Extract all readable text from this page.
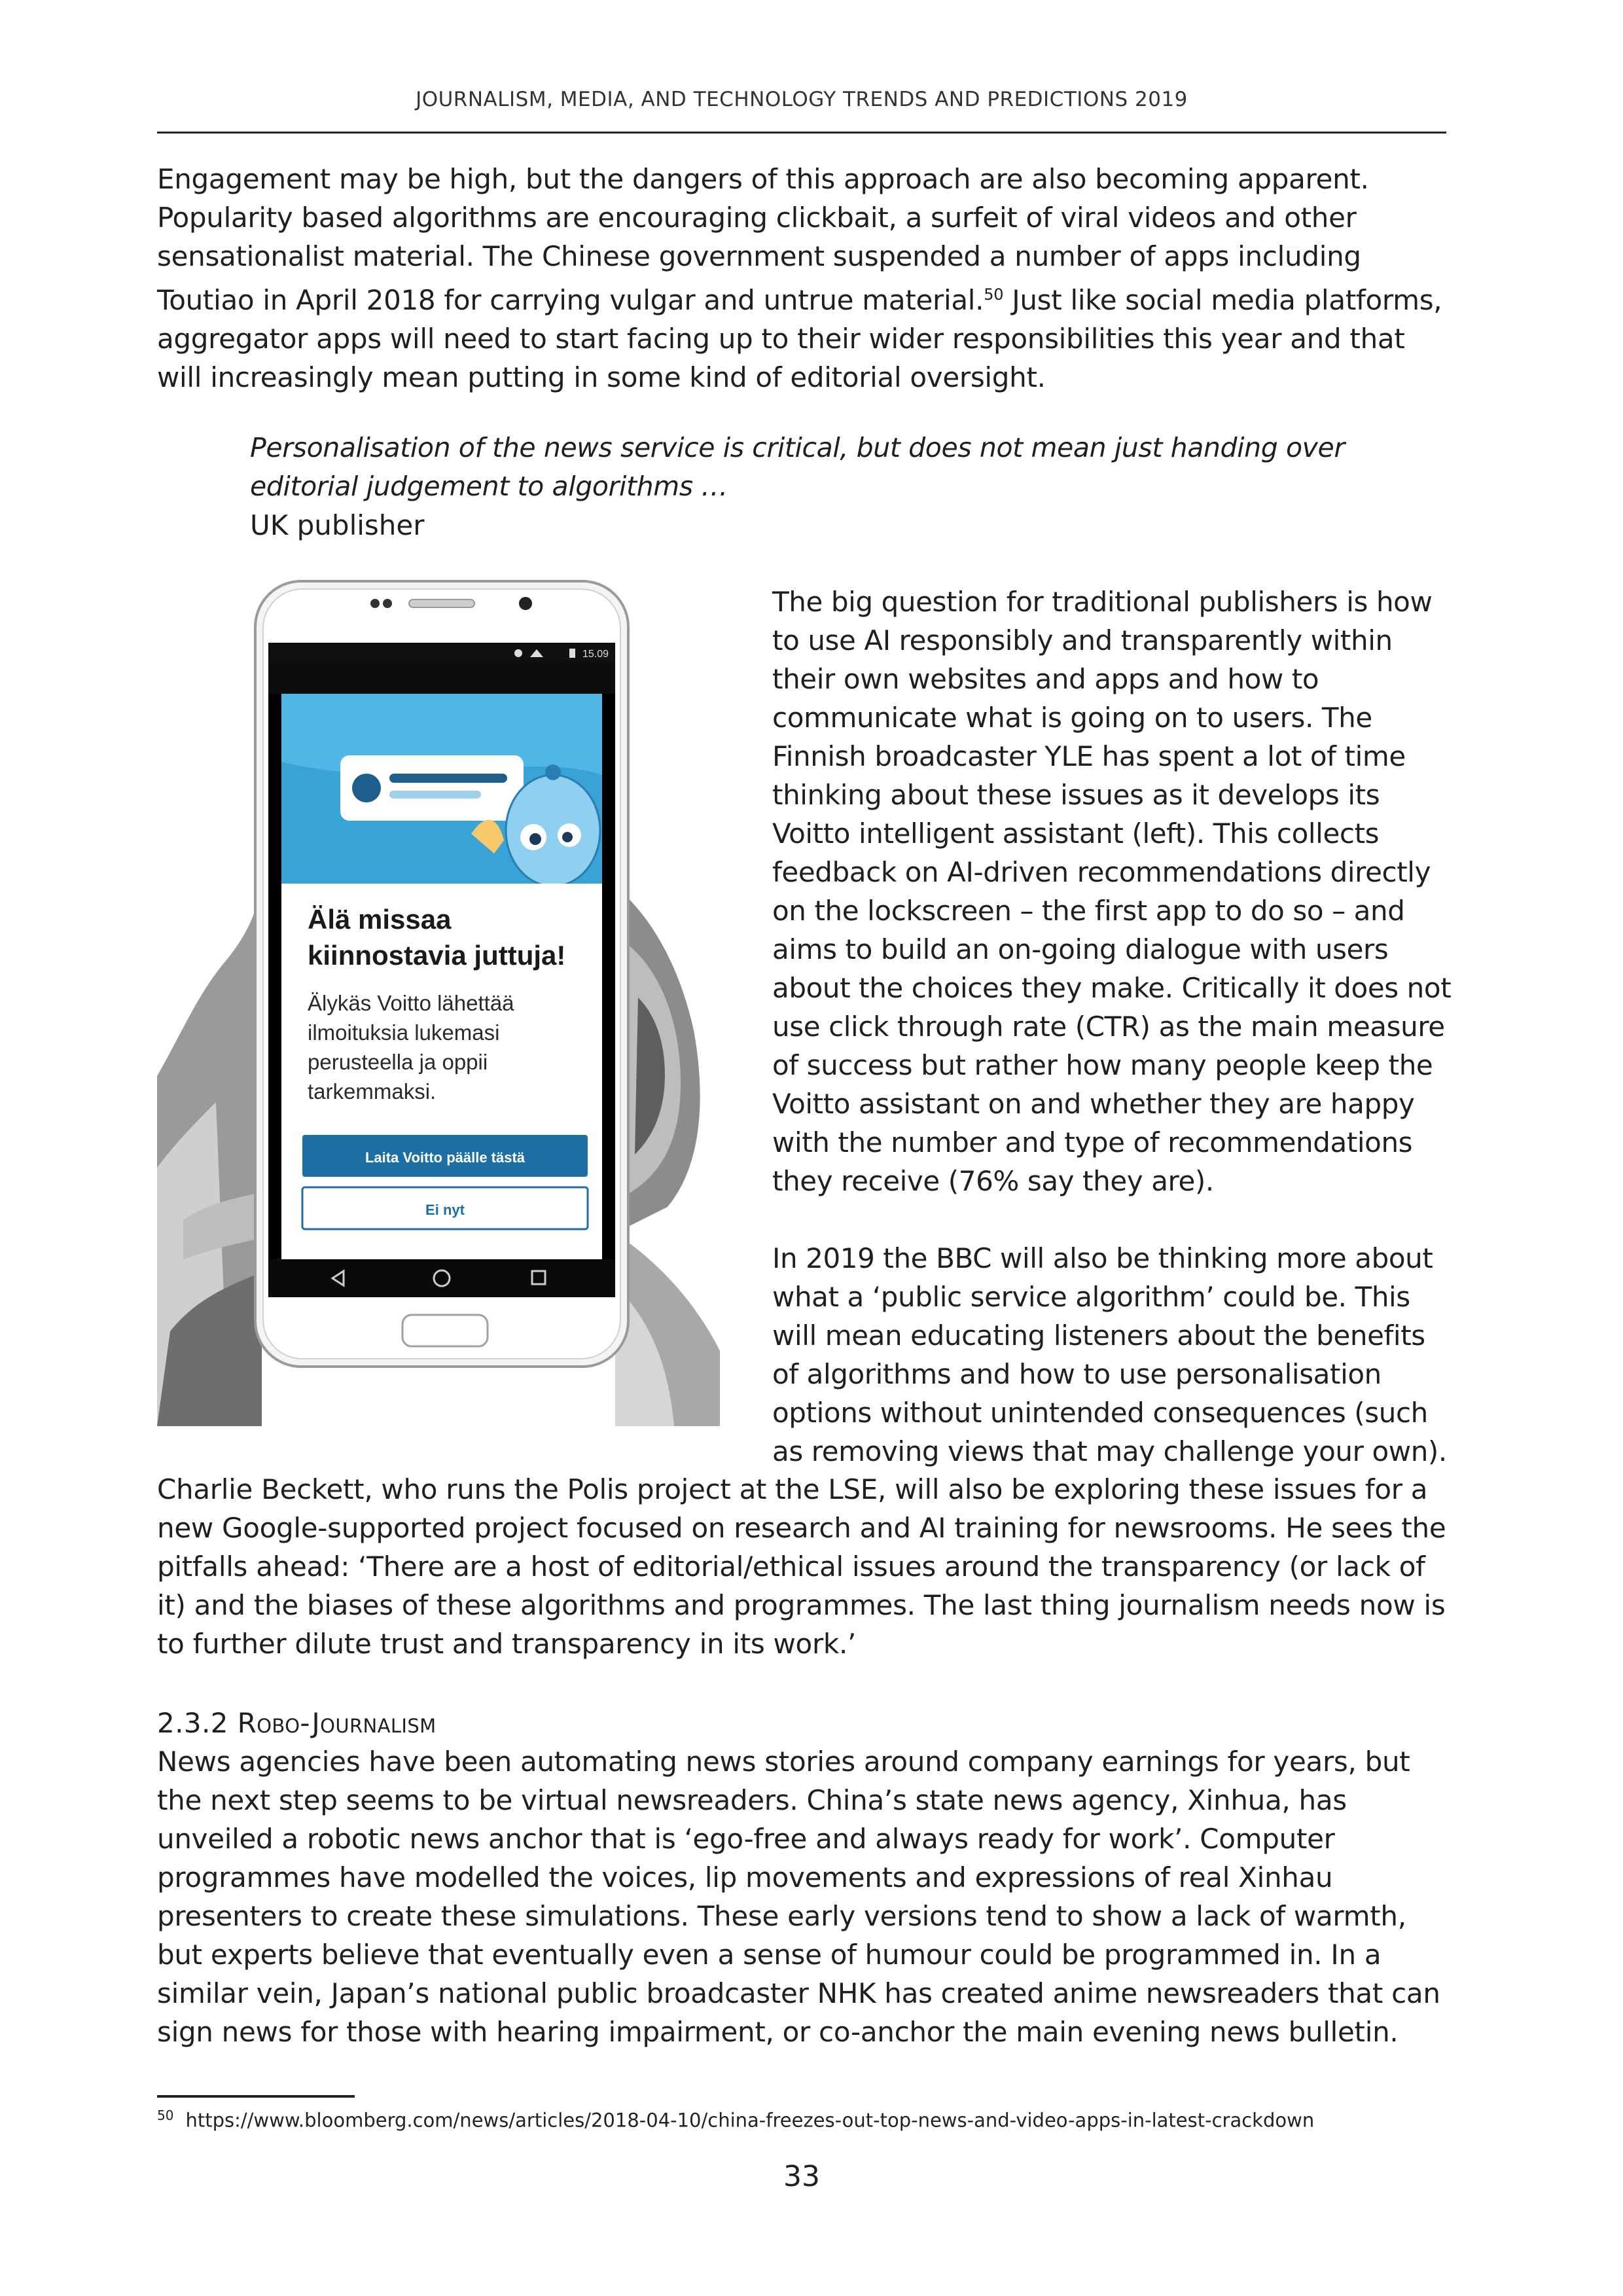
JOURNALISM, MEDIA, AND TECHNOLOGY TRENDS AND PREDICTIONS 2019

Engagement may be high, but the dangers of this approach are also becoming apparent. Popularity based algorithms are encouraging clickbait, a surfeit of viral videos and other sensationalist material. The Chinese government suspended a number of apps including Toutiao in April 2018 for carrying vulgar and untrue material.$^{50}$ Just like social media platforms, aggregator apps will need to start facing up to their wider responsibilities this year and that will increasingly mean putting in some kind of editorial oversight.

Personalisation of the news service is critical, but does not mean just handing over editorial judgement to algorithms …

UK publisher

15.09
Älä missaa
kiinnostavia juttuja!
Älykäs Voitto lähettää
ilmoituksia lukemasi
perusteella ja oppii
tarkemmaksi.
Laita Voitto päälle tästä
Ei nyt

The big question for traditional publishers is how to use AI responsibly and transparently within their own websites and apps and how to communicate what is going on to users. The Finnish broadcaster YLE has spent a lot of time thinking about these issues as it develops its Voitto intelligent assistant (left). This collects feedback on AI-driven recommendations directly on the lockscreen – the first app to do so – and aims to build an on-going dialogue with users about the choices they make. Critically it does not use click through rate (CTR) as the main measure of success but rather how many people keep the Voitto assistant on and whether they are happy with the number and type of recommendations they receive (76% say they are).

In 2019 the BBC will also be thinking more about what a ‘public service algorithm’ could be. This will mean educating listeners about the benefits of algorithms and how to use personalisation options without unintended consequences (such as removing views that may challenge your own).

Charlie Beckett, who runs the Polis project at the LSE, will also be exploring these issues for a new Google-supported project focused on research and AI training for newsrooms. He sees the pitfalls ahead: ‘There are a host of editorial/ethical issues around the transparency (or lack of it) and the biases of these algorithms and programmes. The last thing journalism needs now is to further dilute trust and transparency in its work.’

2.3.2 Robo-Journalism

News agencies have been automating news stories around company earnings for years, but the next step seems to be virtual newsreaders. China’s state news agency, Xinhua, has unveiled a robotic news anchor that is ‘ego-free and always ready for work’. Computer programmes have modelled the voices, lip movements and expressions of real Xinhau presenters to create these simulations. These early versions tend to show a lack of warmth, but experts believe that eventually even a sense of humour could be programmed in. In a similar vein, Japan’s national public broadcaster NHK has created anime newsreaders that can sign news for those with hearing impairment, or co-anchor the main evening news bulletin.

$^{50}$ https://www.bloomberg.com/news/articles/2018-04-10/china-freezes-out-top-news-and-video-apps-in-latest-crackdown
33
